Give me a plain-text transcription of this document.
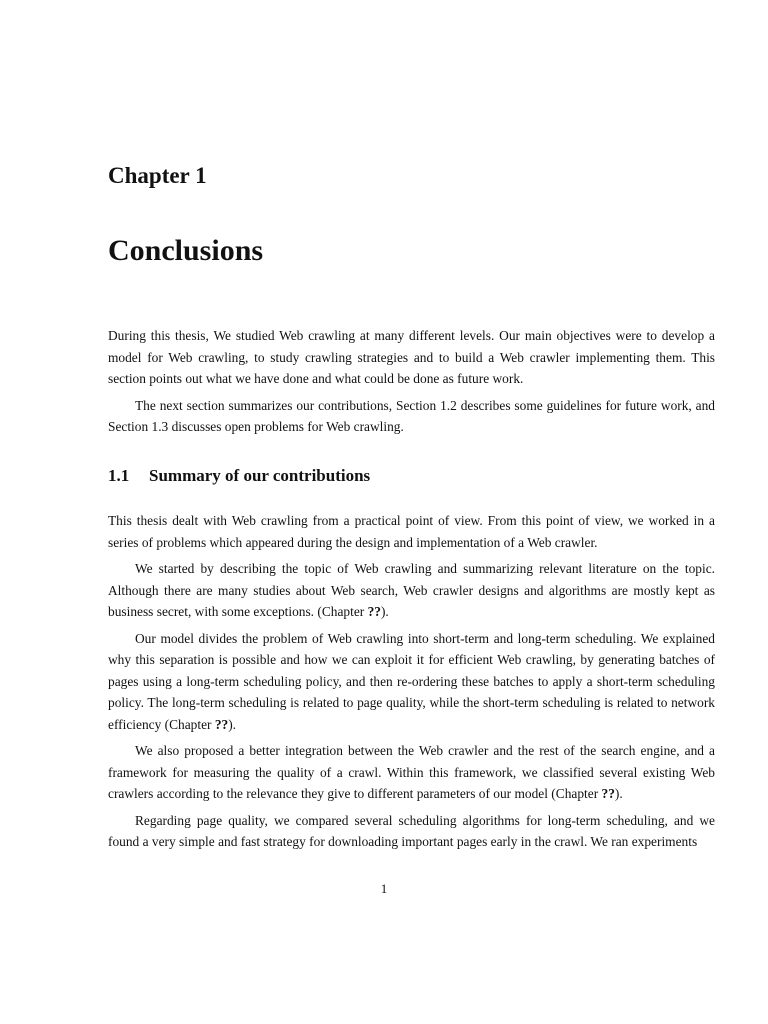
Chapter 1
Conclusions

During this thesis, We studied Web crawling at many different levels. Our main objectives were to develop a model for Web crawling, to study crawling strategies and to build a Web crawler implementing them. This section points out what we have done and what could be done as future work.

The next section summarizes our contributions, Section 1.2 describes some guidelines for future work, and Section 1.3 discusses open problems for Web crawling.

1.1 Summary of our contributions

This thesis dealt with Web crawling from a practical point of view. From this point of view, we worked in a series of problems which appeared during the design and implementation of a Web crawler.

We started by describing the topic of Web crawling and summarizing relevant literature on the topic. Although there are many studies about Web search, Web crawler designs and algorithms are mostly kept as business secret, with some exceptions. (Chapter ??).

Our model divides the problem of Web crawling into short-term and long-term scheduling. We explained why this separation is possible and how we can exploit it for efficient Web crawling, by generating batches of pages using a long-term scheduling policy, and then re-ordering these batches to apply a short-term scheduling policy. The long-term scheduling is related to page quality, while the short-term scheduling is related to network efficiency (Chapter ??).

We also proposed a better integration between the Web crawler and the rest of the search engine, and a framework for measuring the quality of a crawl. Within this framework, we classified several existing Web crawlers according to the relevance they give to different parameters of our model (Chapter ??).

Regarding page quality, we compared several scheduling algorithms for long-term scheduling, and we found a very simple and fast strategy for downloading important pages early in the crawl. We ran experiments

1
